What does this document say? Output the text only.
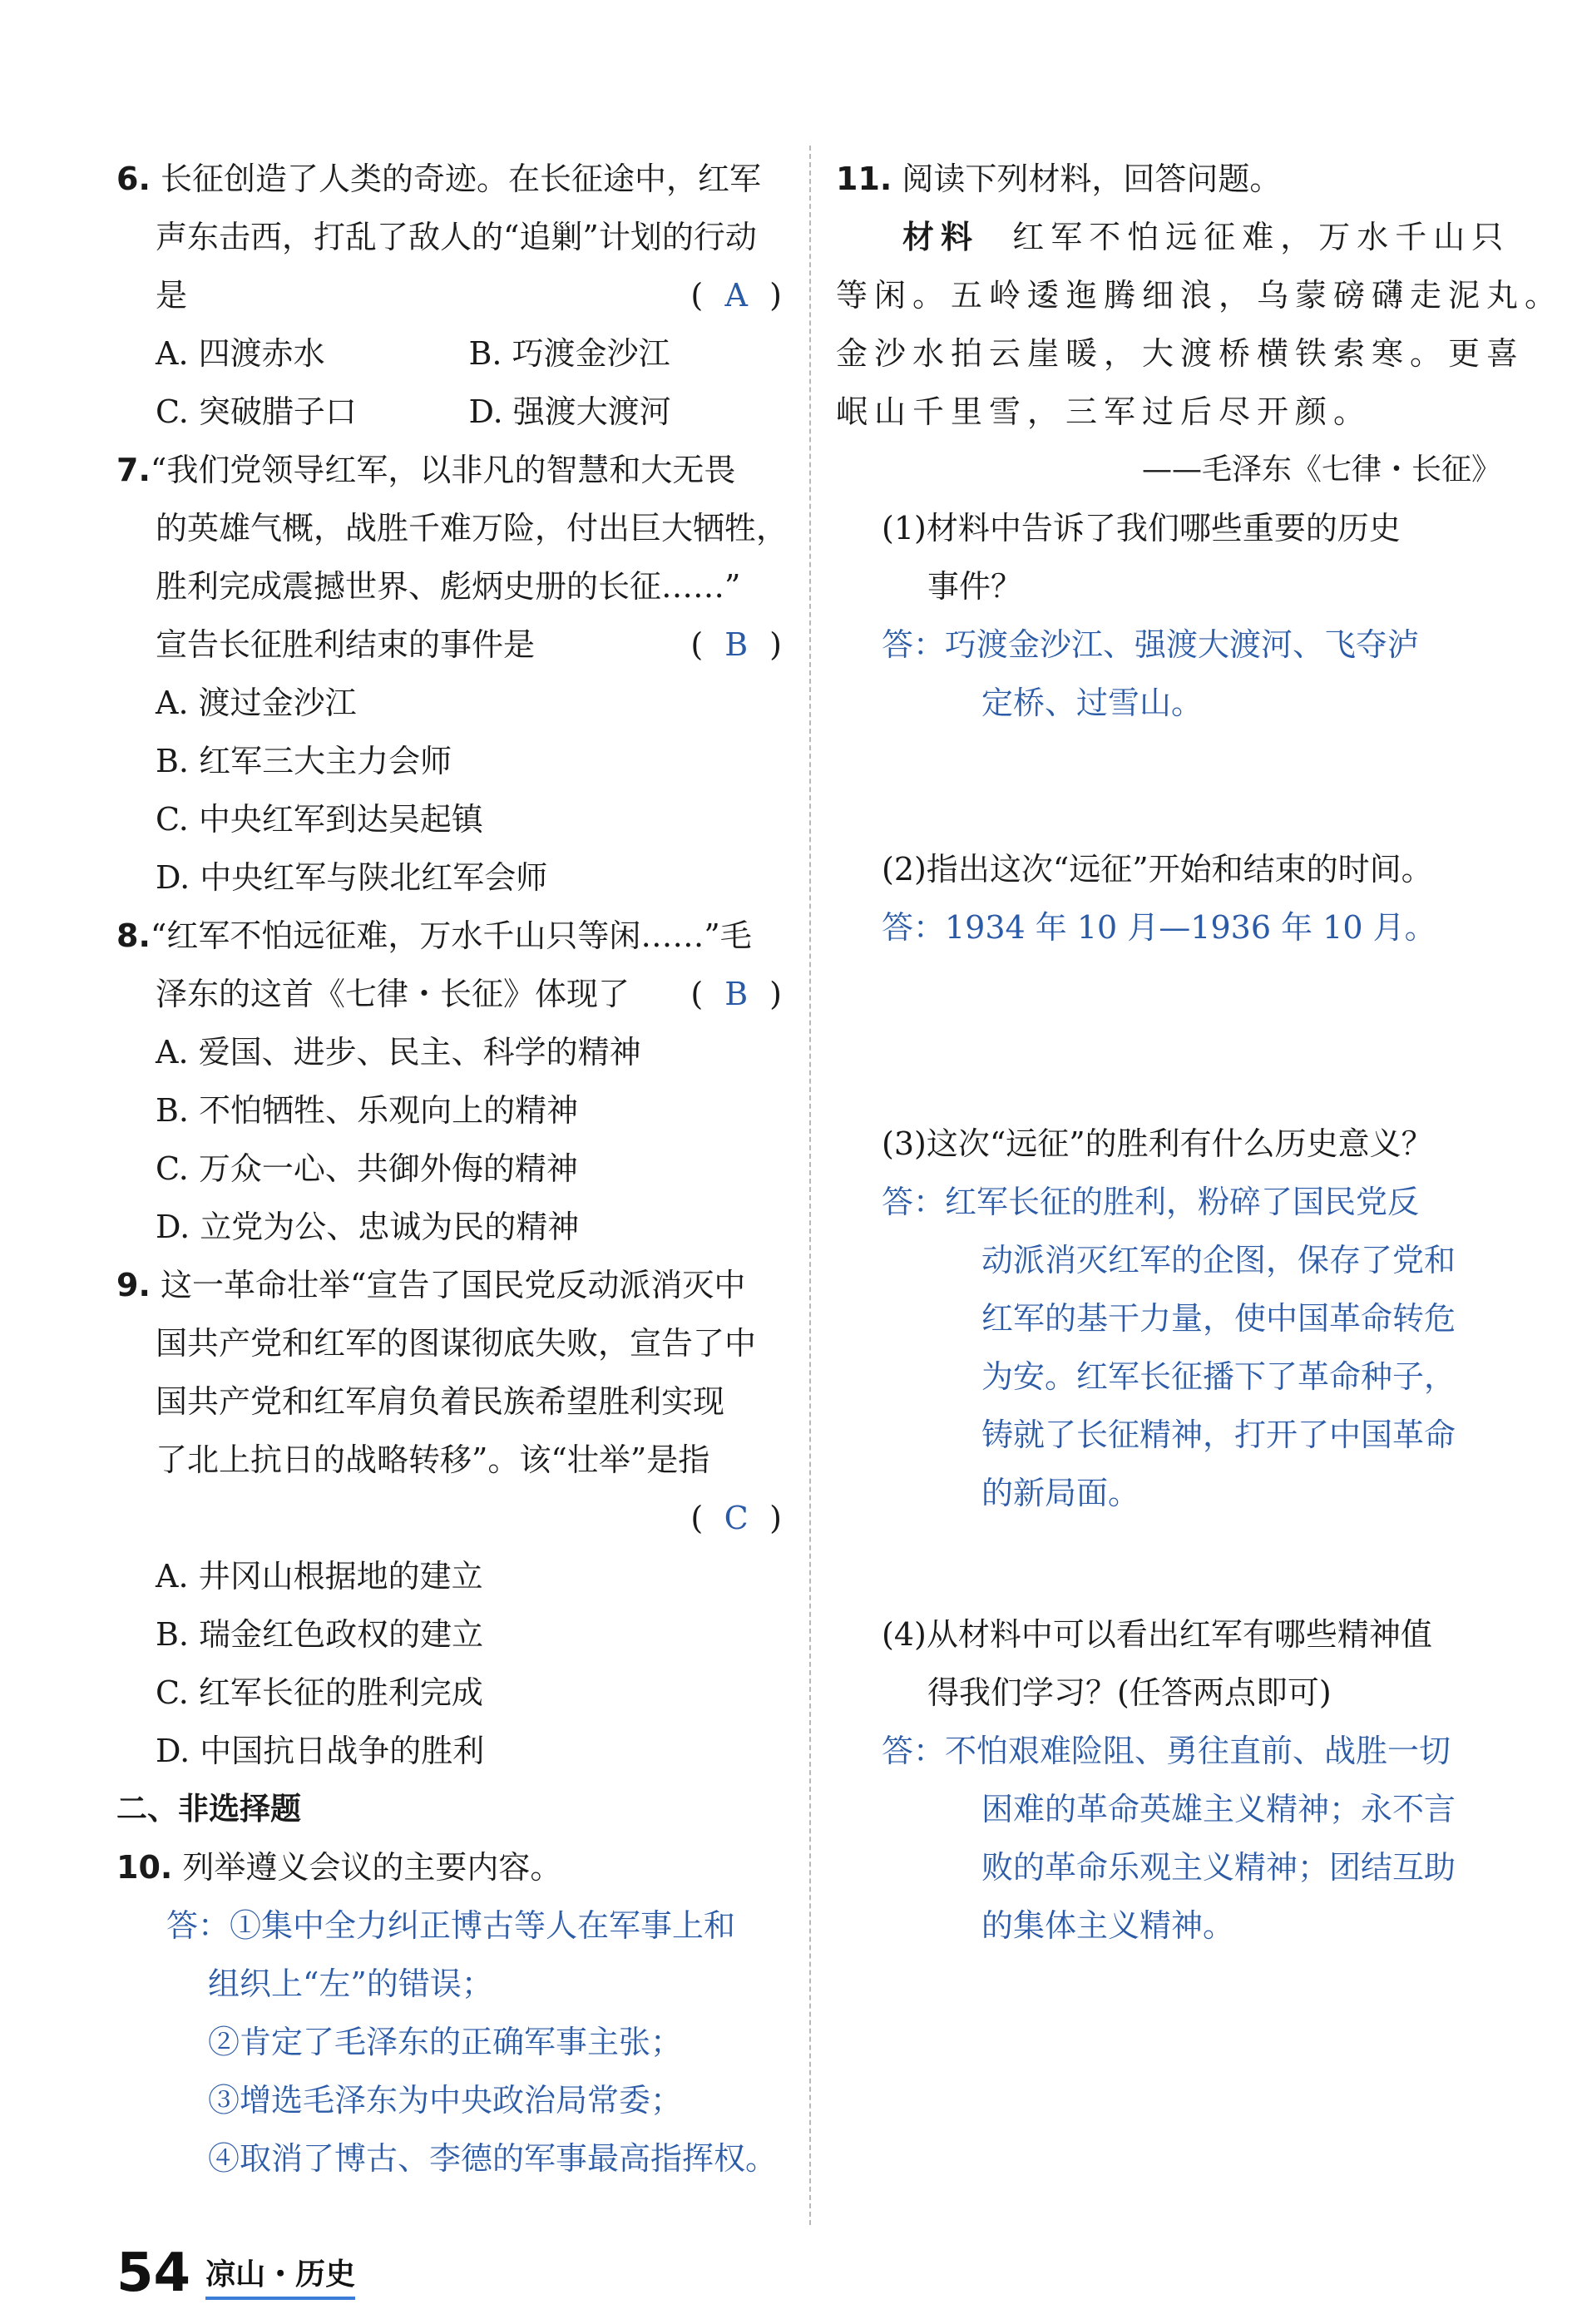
6. 长征创造了人类的奇迹。在长征途中，红军
声东击西，打乱了敌人的“追剿”计划的行动
是	( A )
A. 四渡赤水	B. 巧渡金沙江
C. 突破腊子口	D. 强渡大渡河
7.“我们党领导红军，以非凡的智慧和大无畏
的英雄气概，战胜千难万险，付出巨大牺牲，
胜利完成震撼世界、彪炳史册的长征……”
宣告长征胜利结束的事件是	( B )
A. 渡过金沙江
B. 红军三大主力会师
C. 中央红军到达吴起镇
D. 中央红军与陕北红军会师
8.“红军不怕远征难，万水千山只等闲……”毛
泽东的这首《七律・长征》体现了 ( B )
A. 爱国、进步、民主、科学的精神
B. 不怕牺牲、乐观向上的精神
C. 万众一心、共御外侮的精神
D. 立党为公、忠诚为民的精神
9. 这一革命壮举“宣告了国民党反动派消灭中
国共产党和红军的图谋彻底失败，宣告了中
国共产党和红军肩负着民族希望胜利实现
了北上抗日的战略转移”。该“壮举”是指
( C )
A. 井冈山根据地的建立
B. 瑞金红色政权的建立
C. 红军长征的胜利完成
D. 中国抗日战争的胜利
二、非选择题
10. 列举遵义会议的主要内容。
答：①集中全力纠正博古等人在军事上和
组织上“左”的错误；
②肯定了毛泽东的正确军事主张；
③增选毛泽东为中央政治局常委；
④取消了博古、李德的军事最高指挥权。
11. 阅读下列材料，回答问题。
材料 红军不怕远征难，万水千山只
等闲。五岭逶迤腾细浪，乌蒙磅礴走泥丸。
金沙水拍云崖暖，大渡桥横铁索寒。更喜
岷山千里雪，三军过后尽开颜。
——毛泽东《七律・长征》
(1)材料中告诉了我们哪些重要的历史
事件？
答：巧渡金沙江、强渡大渡河、飞夺泸
定桥、过雪山。
(2)指出这次“远征”开始和结束的时间。
答：1934 年 10 月—1936 年 10 月。
(3)这次“远征”的胜利有什么历史意义？
答：红军长征的胜利，粉碎了国民党反
动派消灭红军的企图，保存了党和
红军的基干力量，使中国革命转危
为安。红军长征播下了革命种子，
铸就了长征精神，打开了中国革命
的新局面。
(4)从材料中可以看出红军有哪些精神值
得我们学习？(任答两点即可)
答：不怕艰难险阻、勇往直前、战胜一切
困难的革命英雄主义精神；永不言
败的革命乐观主义精神；团结互助
的集体主义精神。
54 凉山・历史
